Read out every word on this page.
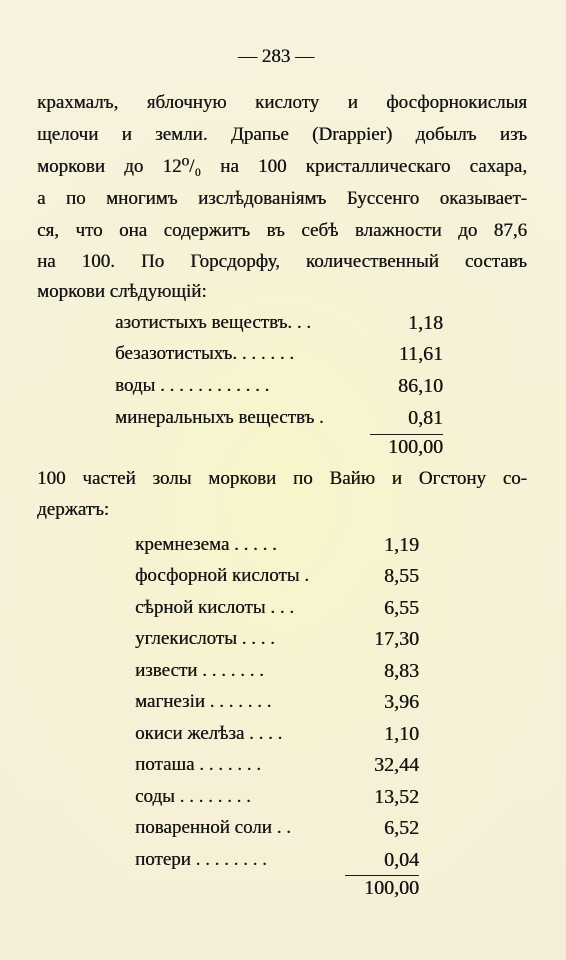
— 283 —
крахмалъ, яблочную кислоту и фосфорнокислыя
щелочи и земли. Драпье (Drappier) добылъ изъ
моркови до 12⁰/₀ на 100 кристаллическаго сахара,
а по многимъ изслѣдованіямъ Буссенго оказывает-
ся, что она содержитъ въ себѣ влажности до 87,6
на 100. По Горсдорфу, количественный составъ
моркови слѣдующій:
азотистыхъ веществъ. . .	1,18
безазотистыхъ. . . . . . .	11,61
воды . . . . . . . . . . . .	86,10
минеральныхъ веществъ .	0,81
100,00
100 частей золы моркови по Вайю и Огстону со-
держатъ:
кремнезема . . . . .	1,19
фосфорной кислоты .	8,55
сѣрной кислоты . . .	6,55
углекислоты . . . .	17,30
извести . . . . . . .	8,83
магнезіи . . . . . . .	3,96
окиси желѣза . . . .	1,10
поташа . . . . . . .	32,44
соды . . . . . . . .	13,52
поваренной соли . .	6,52
потери . . . . . . . .	0,04
100,00
